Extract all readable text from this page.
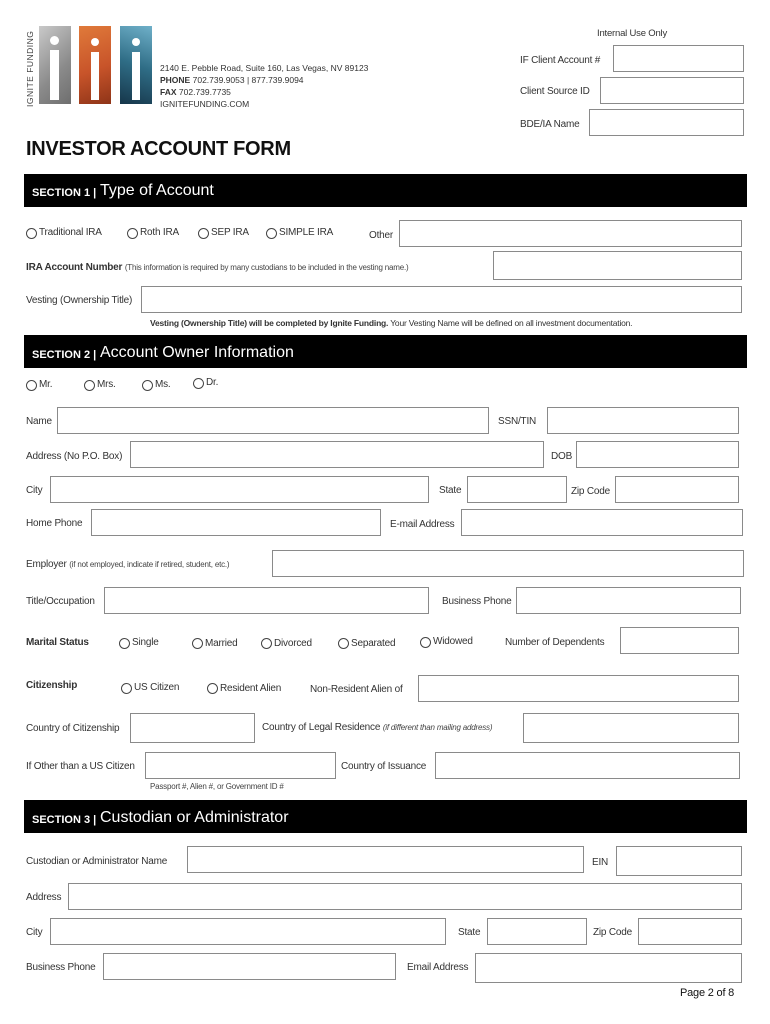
IGNITE FUNDING	2140 E. Pebble Road, Suite 160, Las Vegas, NV 89123
PHONE 702.739.9053 | 877.739.9094
FAX 702.739.7735
IGNITEFUNDING.COM
Internal Use Only
IF Client Account #
Client Source ID
BDE/IA Name
INVESTOR ACCOUNT FORM
SECTION 1 | Type of Account
Traditional IRA	Roth IRA	SEP IRA	SIMPLE IRA	Other
IRA Account Number (This information is required by many custodians to be included in the vesting name.)
Vesting (Ownership Title)
Vesting (Ownership Title) will be completed by Ignite Funding. Your Vesting Name will be defined on all investment documentation.
SECTION 2 | Account Owner Information
Mr.	Mrs.	Ms.	Dr.
Name	SSN/TIN
Address (No P.O. Box)	DOB
City	State	Zip Code
Home Phone	E-mail Address
Employer (if not employed, indicate if retired, student, etc.)
Title/Occupation	Business Phone
Marital Status	Single	Married	Divorced	Separated	Widowed	Number of Dependents
Citizenship	US Citizen	Resident Alien	Non-Resident Alien of
Country of Citizenship	Country of Legal Residence (if different than mailing address)
If Other than a US Citizen	Country of Issuance
Passport #, Alien #, or Government ID #
SECTION 3 | Custodian or Administrator
Custodian or Administrator Name	EIN
Address
City	State	Zip Code
Business Phone	Email Address
Page 2 of 8
